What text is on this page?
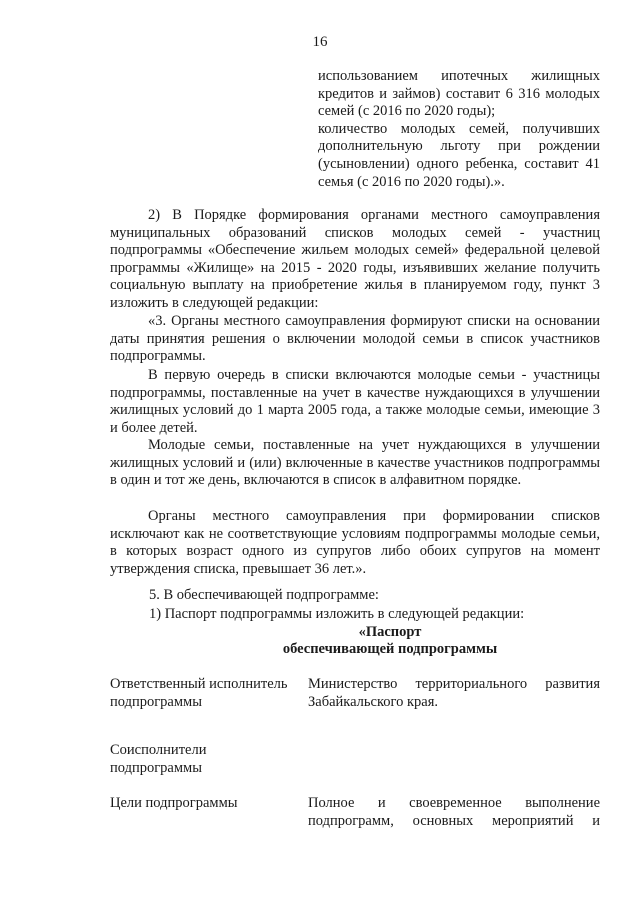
16

использованием ипотечных жилищных кредитов и займов) составит 6 316 молодых семей (с 2016 по 2020 годы);

количество молодых семей, получивших дополнительную льготу при рождении (усыновлении) одного ребенка, составит 41 семья (с 2016 по 2020 годы).».

2) В Порядке формирования органами местного самоуправления муниципальных образований списков молодых семей - участниц подпрограммы «Обеспечение жильем молодых семей» федеральной целевой программы «Жилище» на 2015 - 2020 годы, изъявивших желание получить социальную выплату на приобретение жилья в планируемом году, пункт 3 изложить в следующей редакции:

«3. Органы местного самоуправления формируют списки на основании даты принятия решения о включении молодой семьи в список участников подпрограммы.

В первую очередь в списки включаются молодые семьи - участницы подпрограммы, поставленные на учет в качестве нуждающихся в улучшении жилищных условий до 1 марта 2005 года, а также молодые семьи, имеющие 3 и более детей.

Молодые семьи, поставленные на учет нуждающихся в улучшении жилищных условий и (или) включенные в качестве участников подпрограммы в один и тот же день, включаются в список в алфавитном порядке.

Органы местного самоуправления при формировании списков исключают как не соответствующие условиям подпрограммы молодые семьи, в которых возраст одного из супругов либо обоих супругов на момент утверждения списка, превышает 36 лет.».

5. В обеспечивающей подпрограмме:

1) Паспорт подпрограммы изложить в следующей редакции:

«Паспорт
обеспечивающей подпрограммы
Ответственный исполнитель подпрограммы
Министерство территориального развития Забайкальского края.
Соисполнители подпрограммы
Цели подпрограммы	Полное и своевременное выполнение подпрограмм, основных мероприятий и
